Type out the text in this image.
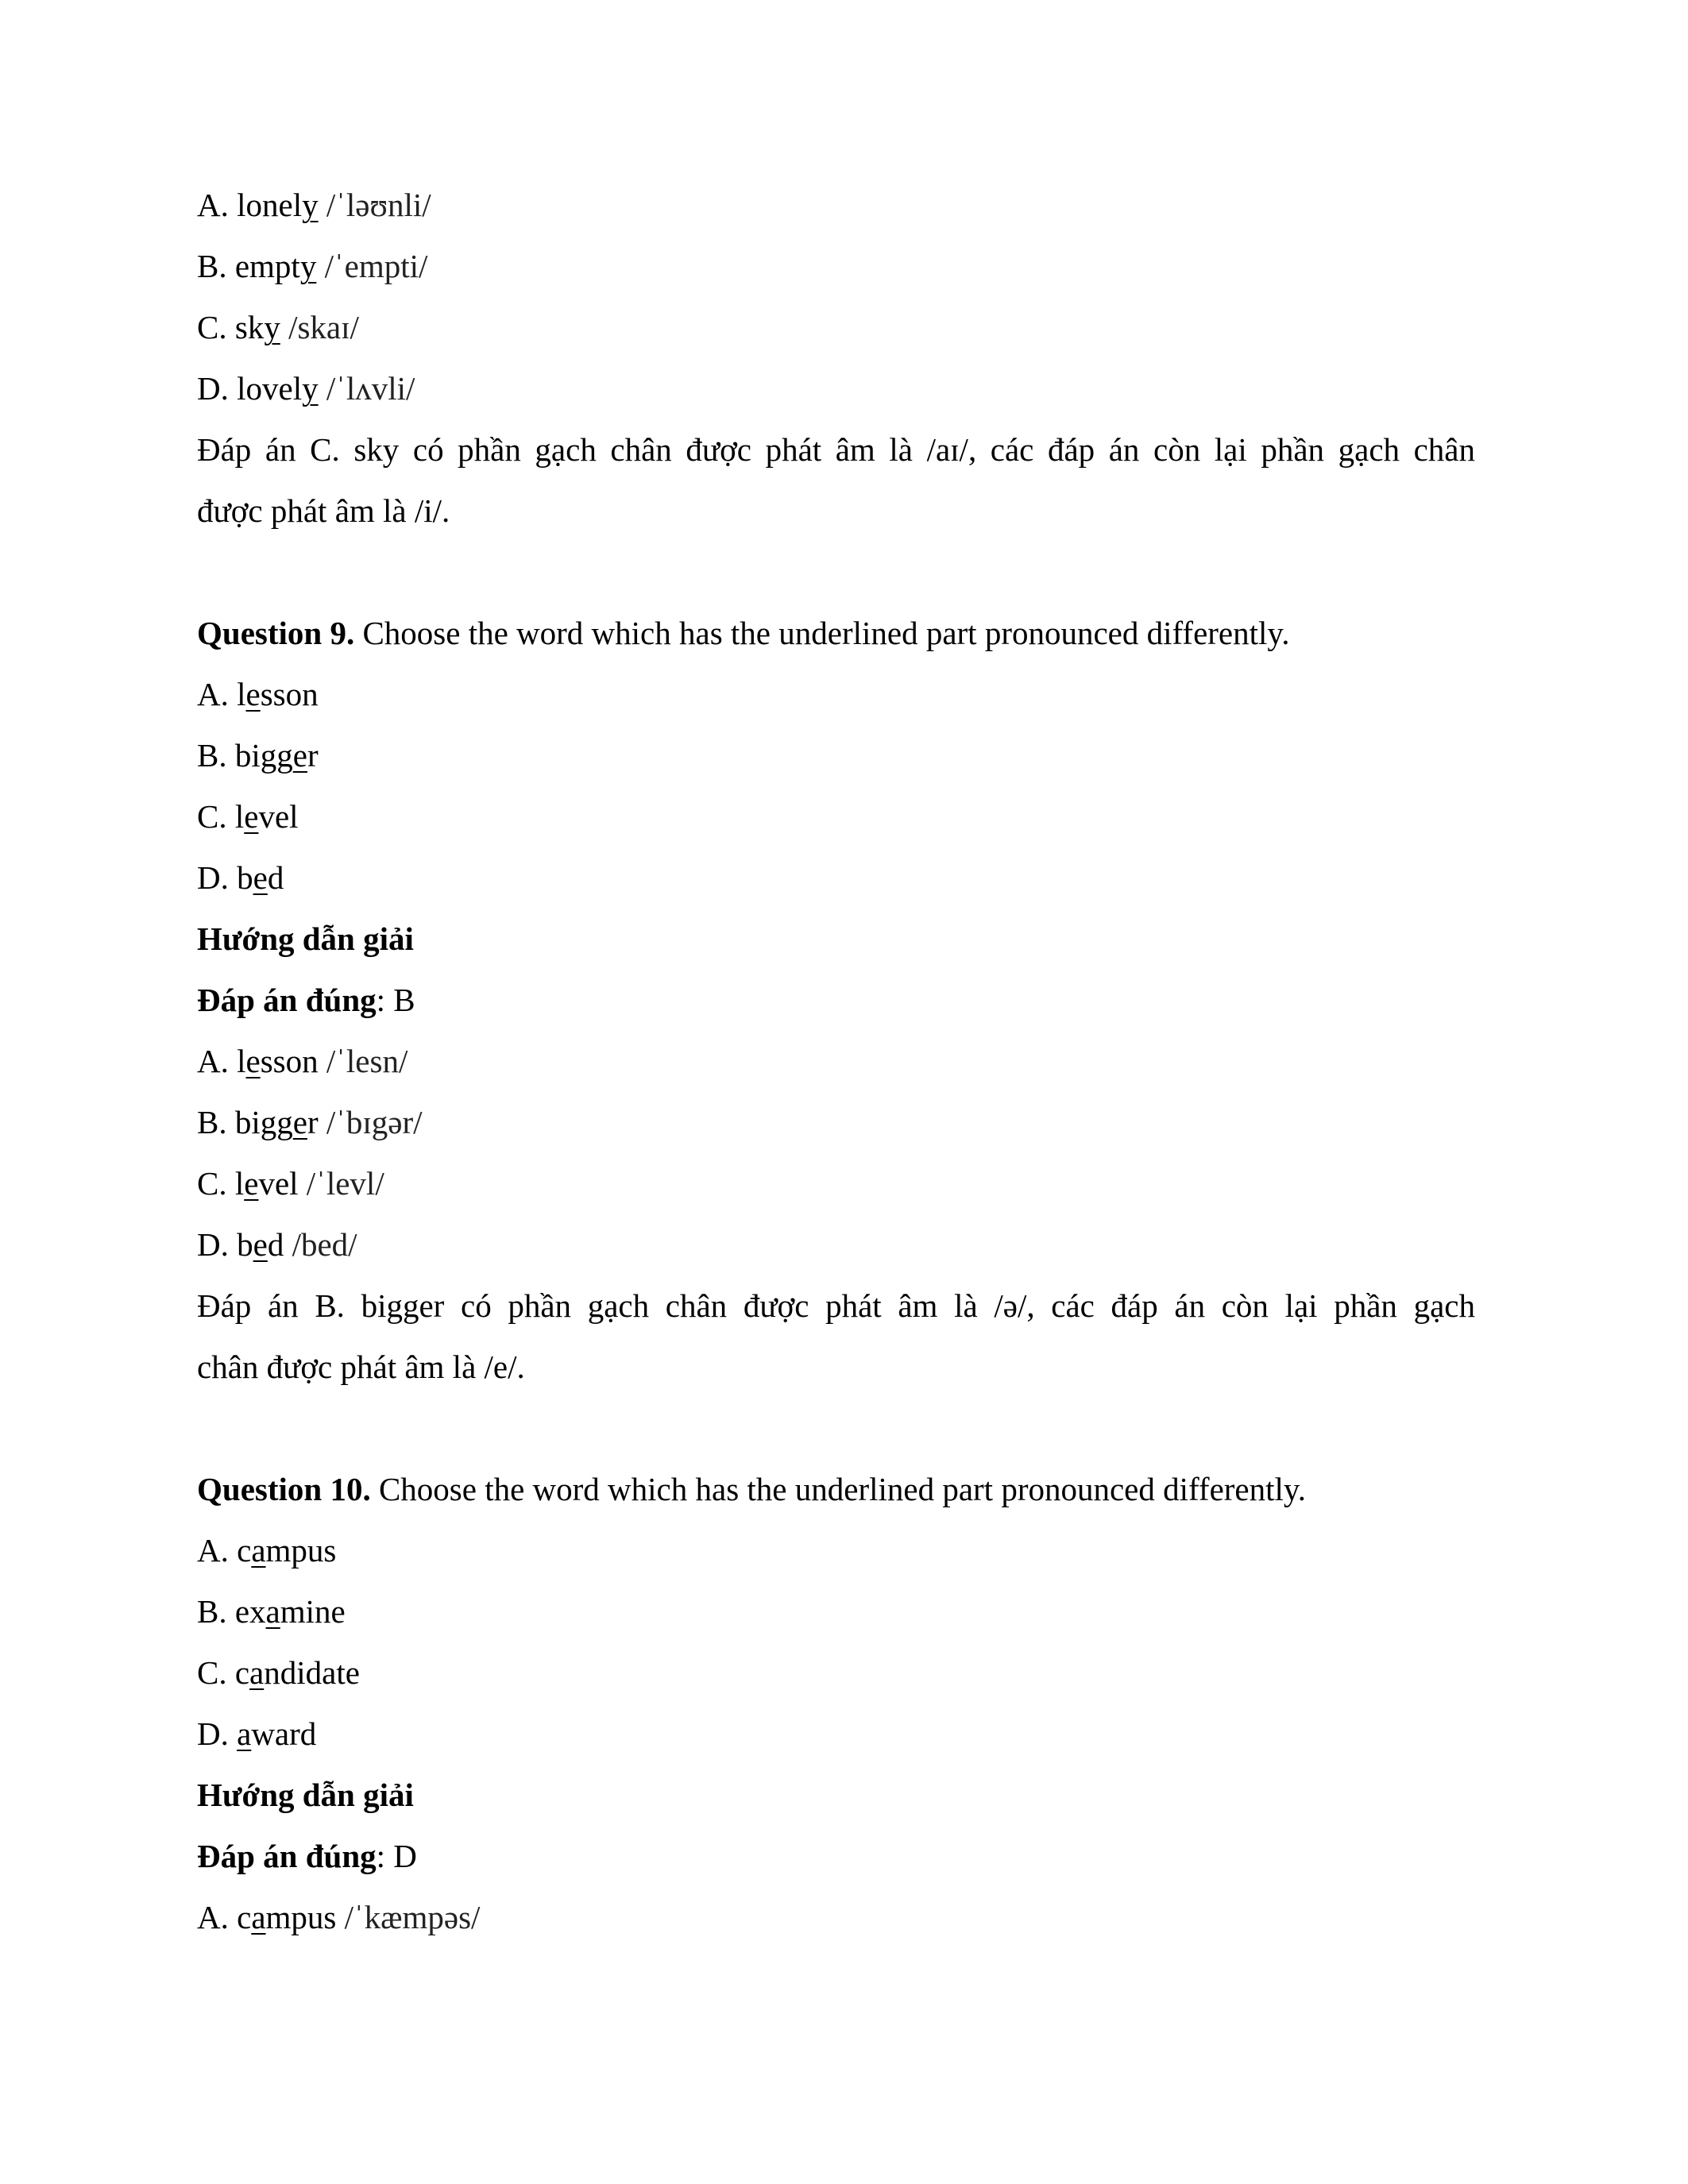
A. lonely /ˈləʊnli/
B. empty /ˈempti/
C. sky /skaɪ/
D. lovely /ˈlʌvli/
Đáp án C. sky có phần gạch chân được phát âm là /aɪ/, các đáp án còn lại phần gạch chân
được phát âm là /i/.
Question 9. Choose the word which has the underlined part pronounced differently.
A. lesson
B. bigger
C. level
D. bed
Hướng dẫn giải
Đáp án đúng: B
A. lesson /ˈlesn/
B. bigger /ˈbɪgər/
C. level /ˈlevl/
D. bed /bed/
Đáp án B. bigger có phần gạch chân được phát âm là /ə/, các đáp án còn lại phần gạch
chân được phát âm là /e/.
Question 10. Choose the word which has the underlined part pronounced differently.
A. campus
B. examine
C. candidate
D. award
Hướng dẫn giải
Đáp án đúng: D
A. campus /ˈkæmpəs/
